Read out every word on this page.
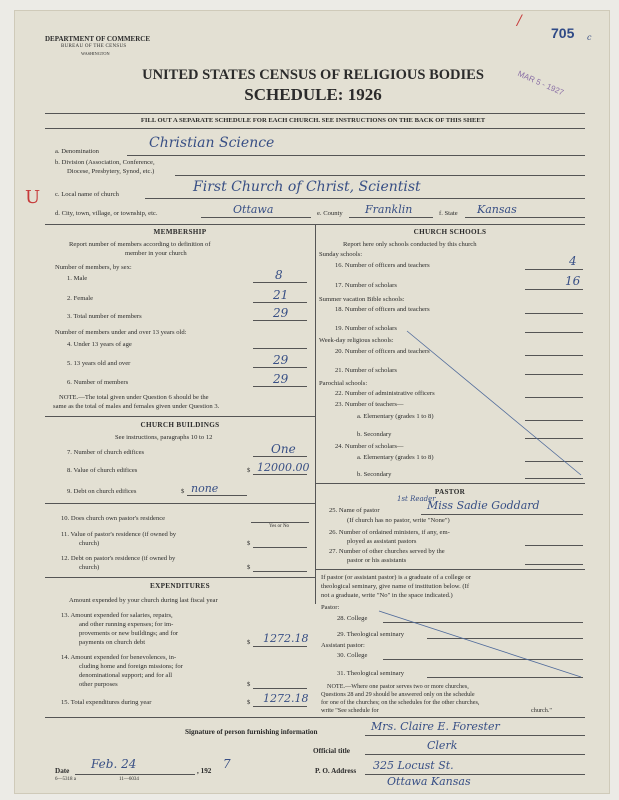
DEPARTMENT OF COMMERCE
BUREAU OF THE CENSUS
WASHINGTON
/
705 c
MAR 5 - 1927
UNITED STATES CENSUS OF RELIGIOUS BODIES
SCHEDULE: 1926
FILL OUT A SEPARATE SCHEDULE FOR EACH CHURCH. SEE INSTRUCTIONS ON THE BACK OF THIS SHEET
a. Denomination
Christian Science
b. Division (Association, Conference,
Diocese, Presbytery, Synod, etc.)
U c. Local name of church	First Church of Christ, Scientist
d. City, town, village, or township, etc.	Ottawa	e. County Franklin	f. State Kansas
MEMBERSHIP
Report number of members according to definition of
member in your church
Number of members, by sex:
1. Male	8
2. Female	21
3. Total number of members	29
Number of members under and over 13 years old:
4. Under 13 years of age
5. 13 years old and over	29
6. Number of members	29
NOTE.—The total given under Question 6 should be the
same as the total of males and females given under Question 3.
CHURCH BUILDINGS
See instructions, paragraphs 10 to 12
7. Number of church edifices	One
8. Value of church edifices	$ 12000.00
9. Debt on church edifices	$ none
10. Does church own pastor's residence
Yes or No
11. Value of pastor's residence (if owned by
church)	$
12. Debt on pastor's residence (if owned by
church)	$
EXPENDITURES
Amount expended by your church during last fiscal year
13. Amount expended for salaries, repairs,
and other running expenses; for im-
provements or new buildings; and for
payments on church debt	$ 1272.18
14. Amount expended for benevolences, in-
cluding home and foreign missions; for
denominational support; and for all
other purposes	$
15. Total expenditures during year	$ 1272.18
CHURCH SCHOOLS
Report here only schools conducted by this church
Sunday schools:
16. Number of officers and teachers	4
17. Number of scholars	16
Summer vacation Bible schools:
18. Number of officers and teachers
19. Number of scholars
Week-day religious schools:
20. Number of officers and teachers
21. Number of scholars
Parochial schools:
22. Number of administrative officers
23. Number of teachers—
a. Elementary (grades 1 to 8)
b. Secondary
24. Number of scholars—
a. Elementary (grades 1 to 8)
b. Secondary
PASTOR
1st Reader
25. Name of pastor	Miss Sadie Goddard
(If church has no pastor, write "None")
26. Number of ordained ministers, if any, em-
ployed as assistant pastors
27. Number of other churches served by the
pastor or his assistants
If pastor (or assistant pastor) is a graduate of a college or
theological seminary, give name of institution below. (If
not a graduate, write "No" in the space indicated.)
Pastor:
28. College
29. Theological seminary
Assistant pastor:
30. College
31. Theological seminary
NOTE.—Where one pastor serves two or more churches,
Questions 28 and 29 should be answered only on the schedule
for one of the churches; on the schedules for the other churches,
write "See schedule for	church."
Signature of person furnishing information	Mrs. Claire E. Forester
Official title	Clerk
Date Feb. 24	, 192 7	P. O. Address 325 Locust St.
Ottawa Kansas
6—5318 a	11—6034
